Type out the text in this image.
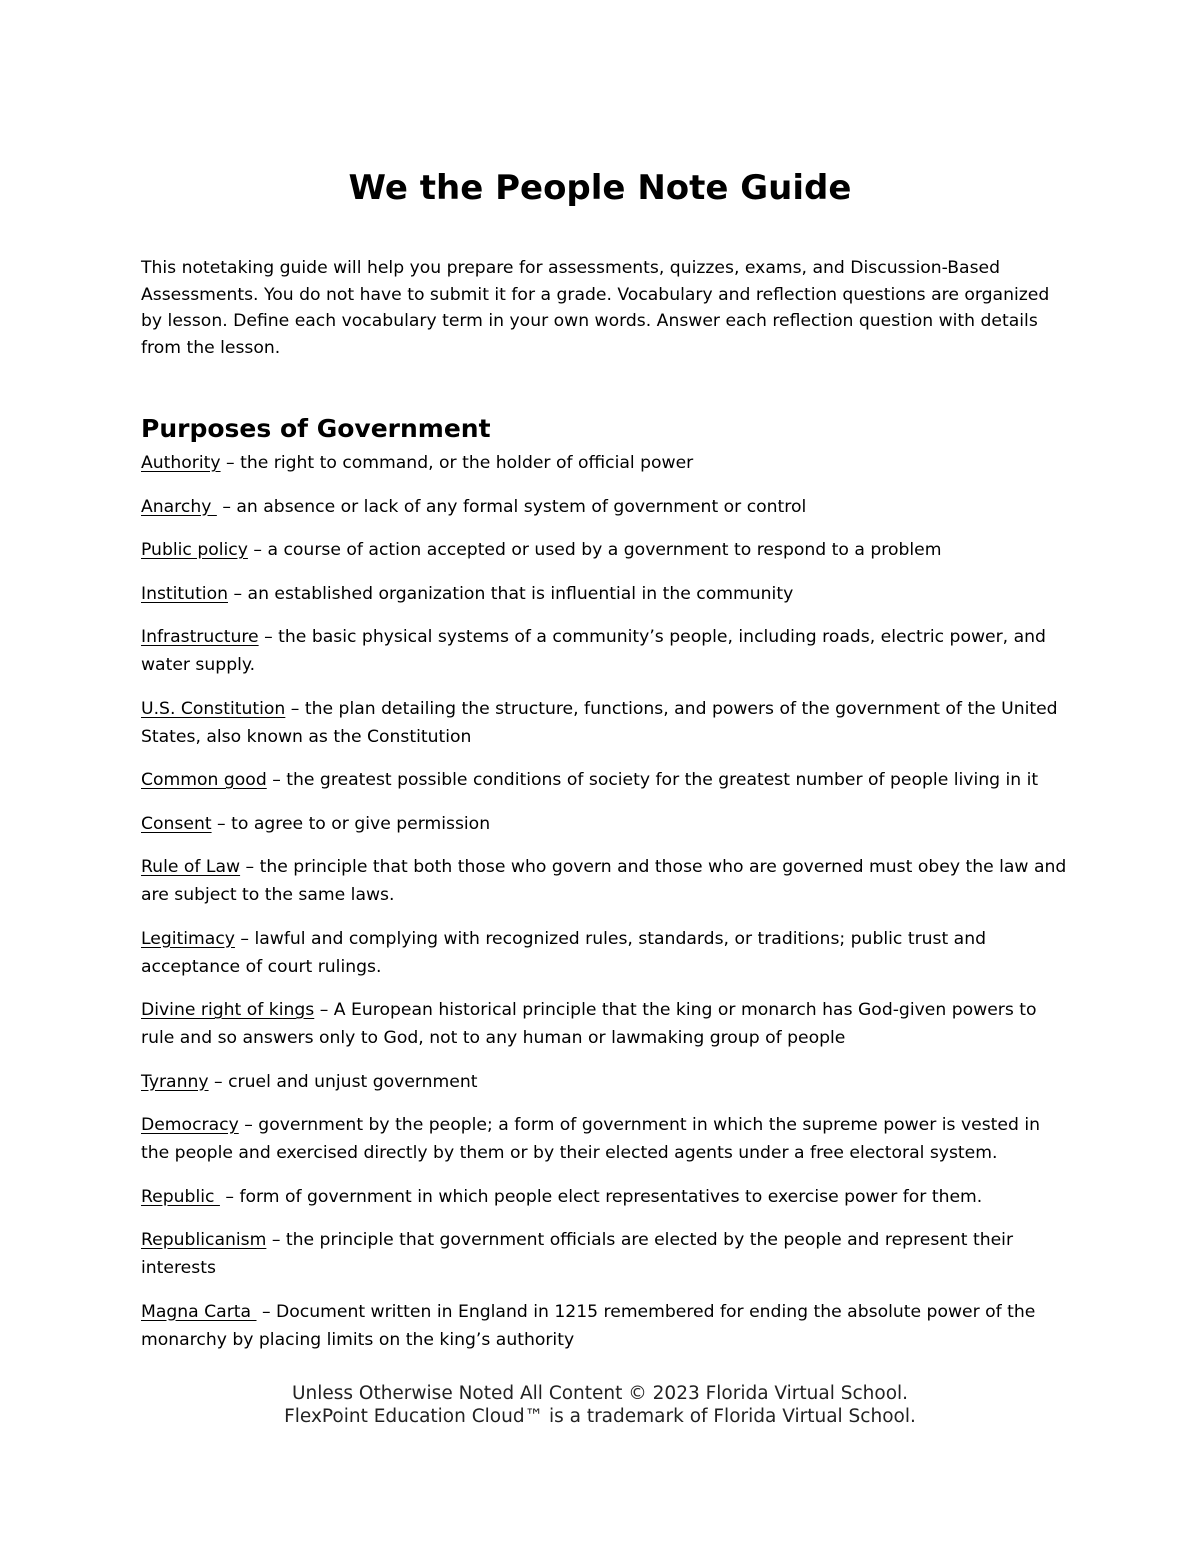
We the People Note Guide

This notetaking guide will help you prepare for assessments, quizzes, exams, and Discussion-Based Assessments. You do not have to submit it for a grade. Vocabulary and reflection questions are organized by lesson. Define each vocabulary term in your own words. Answer each reflection question with details from the lesson.

Purposes of Government
Authority – the right to command, or the holder of official power
Anarchy  – an absence or lack of any formal system of government or control
Public policy – a course of action accepted or used by a government to respond to a problem
Institution – an established organization that is influential in the community
Infrastructure – the basic physical systems of a community’s people, including roads, electric power, and water supply.
U.S. Constitution – the plan detailing the structure, functions, and powers of the government of the United States, also known as the Constitution
Common good – the greatest possible conditions of society for the greatest number of people living in it
Consent – to agree to or give permission
Rule of Law – the principle that both those who govern and those who are governed must obey the law and are subject to the same laws.
Legitimacy – lawful and complying with recognized rules, standards, or traditions; public trust and acceptance of court rulings.
Divine right of kings – A European historical principle that the king or monarch has God-given powers to rule and so answers only to God, not to any human or lawmaking group of people
Tyranny – cruel and unjust government
Democracy – government by the people; a form of government in which the supreme power is vested in the people and exercised directly by them or by their elected agents under a free electoral system.
Republic  – form of government in which people elect representatives to exercise power for them.
Republicanism – the principle that government officials are elected by the people and represent their interests
Magna Carta  – Document written in England in 1215 remembered for ending the absolute power of the monarchy by placing limits on the king’s authority
Unless Otherwise Noted All Content © 2023 Florida Virtual School.
FlexPoint Education Cloud™ is a trademark of Florida Virtual School.
